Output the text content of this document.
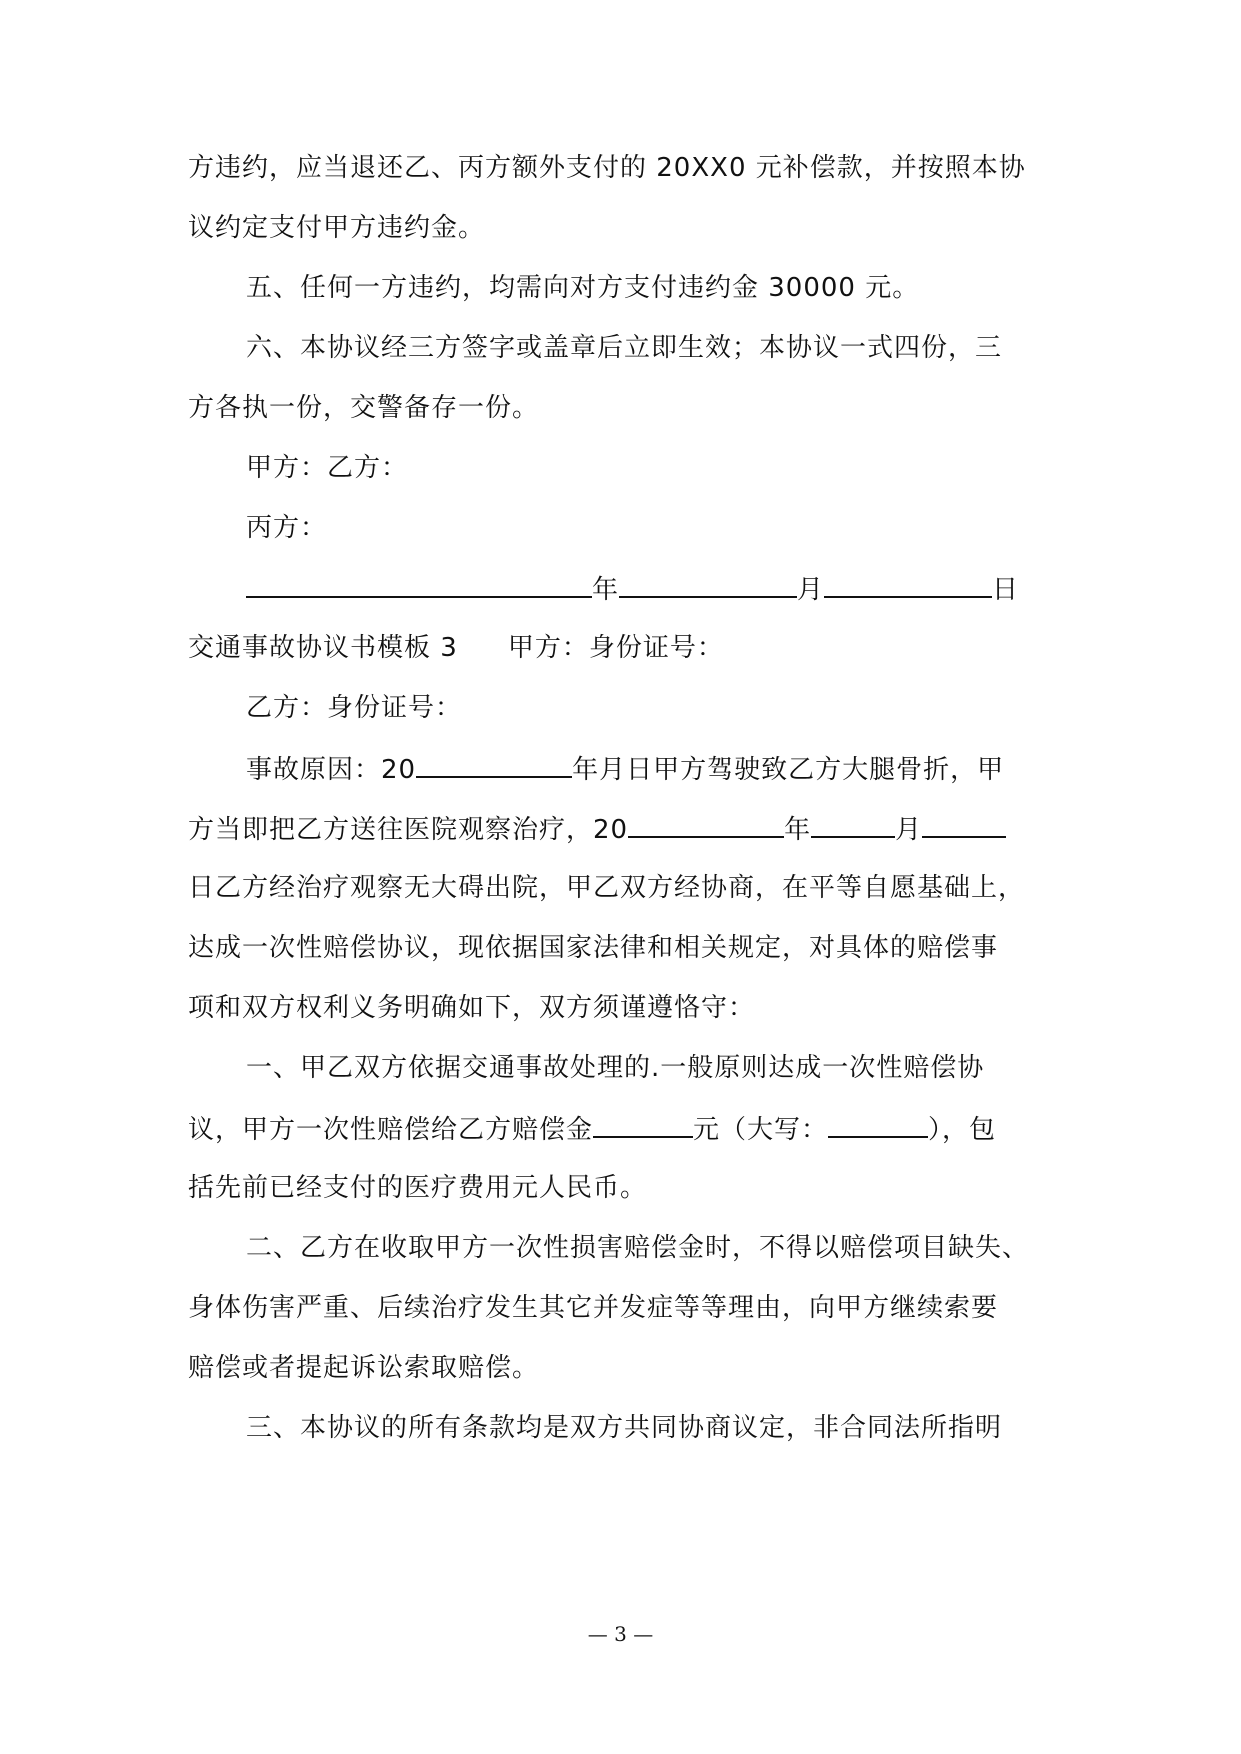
方违约，应当退还乙、丙方额外支付的 20XX0 元补偿款，并按照本协
议约定支付甲方违约金。
五、任何一方违约，均需向对方支付违约金 30000 元。
六、本协议经三方签字或盖章后立即生效；本协议一式四份，三
方各执一份，交警备存一份。
甲方：乙方：
丙方：
年	月	日
交通事故协议书模板 3 甲方：身份证号：
乙方：身份证号：
事故原因：20	年月日甲方驾驶致乙方大腿骨折，甲
方当即把乙方送往医院观察治疗，20	年	月
日乙方经治疗观察无大碍出院，甲乙双方经协商，在平等自愿基础上，
达成一次性赔偿协议，现依据国家法律和相关规定，对具体的赔偿事
项和双方权利义务明确如下，双方须谨遵恪守：
一、甲乙双方依据交通事故处理的.一般原则达成一次性赔偿协
议，甲方一次性赔偿给乙方赔偿金	元（大写：	），包
括先前已经支付的医疗费用元人民币。
二、乙方在收取甲方一次性损害赔偿金时，不得以赔偿项目缺失、
身体伤害严重、后续治疗发生其它并发症等等理由，向甲方继续索要
赔偿或者提起诉讼索取赔偿。
三、本协议的所有条款均是双方共同协商议定，非合同法所指明
— 3 —
